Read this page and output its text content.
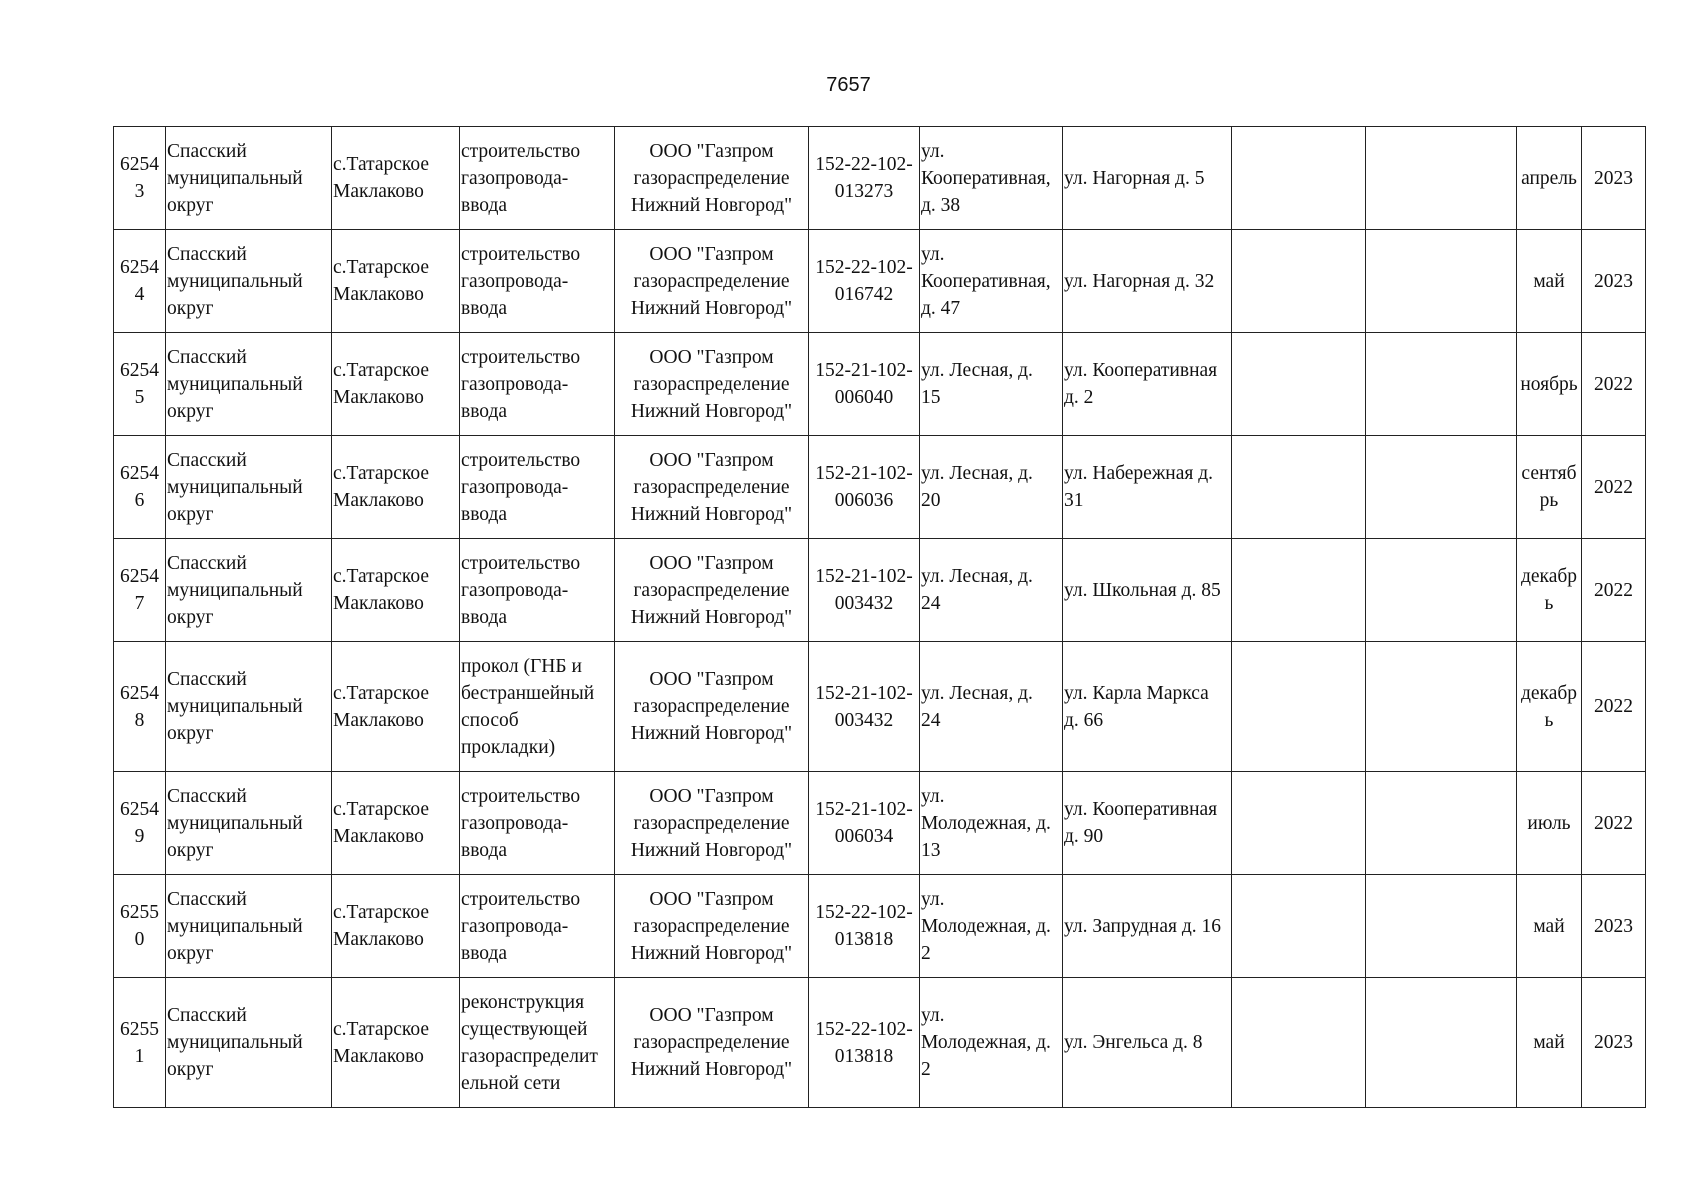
7657
6254
3	Спасский
муниципальный
округ	с.Татарское
Маклаково	строительство
газопровода-
ввода	ООО "Газпром
газораспределение
Нижний Новгород"	152-22-102-
013273	ул.
Кооперативная,
д. 38	ул. Нагорная д. 5			апрель	2023
6254
4	Спасский
муниципальный
округ	с.Татарское
Маклаково	строительство
газопровода-
ввода	ООО "Газпром
газораспределение
Нижний Новгород"	152-22-102-
016742	ул.
Кооперативная,
д. 47	ул. Нагорная д. 32			май	2023
6254
5	Спасский
муниципальный
округ	с.Татарское
Маклаково	строительство
газопровода-
ввода	ООО "Газпром
газораспределение
Нижний Новгород"	152-21-102-
006040	ул. Лесная, д.
15	ул. Кооперативная
д. 2			ноябрь	2022
6254
6	Спасский
муниципальный
округ	с.Татарское
Маклаково	строительство
газопровода-
ввода	ООО "Газпром
газораспределение
Нижний Новгород"	152-21-102-
006036	ул. Лесная, д.
20	ул. Набережная д.
31			сентяб
рь	2022
6254
7	Спасский
муниципальный
округ	с.Татарское
Маклаково	строительство
газопровода-
ввода	ООО "Газпром
газораспределение
Нижний Новгород"	152-21-102-
003432	ул. Лесная, д.
24	ул. Школьная д. 85			декабр
ь	2022
6254
8	Спасский
муниципальный
округ	с.Татарское
Маклаково	прокол (ГНБ и
бестраншейный
способ
прокладки)	ООО "Газпром
газораспределение
Нижний Новгород"	152-21-102-
003432	ул. Лесная, д.
24	ул. Карла Маркса
д. 66			декабр
ь	2022
6254
9	Спасский
муниципальный
округ	с.Татарское
Маклаково	строительство
газопровода-
ввода	ООО "Газпром
газораспределение
Нижний Новгород"	152-21-102-
006034	ул.
Молодежная, д.
13	ул. Кооперативная
д. 90			июль	2022
6255
0	Спасский
муниципальный
округ	с.Татарское
Маклаково	строительство
газопровода-
ввода	ООО "Газпром
газораспределение
Нижний Новгород"	152-22-102-
013818	ул.
Молодежная, д.
2	ул. Запрудная д. 16			май	2023
6255
1	Спасский
муниципальный
округ	с.Татарское
Маклаково	реконструкция
существующей
газораспределит
ельной сети	ООО "Газпром
газораспределение
Нижний Новгород"	152-22-102-
013818	ул.
Молодежная, д.
2	ул. Энгельса д. 8			май	2023
